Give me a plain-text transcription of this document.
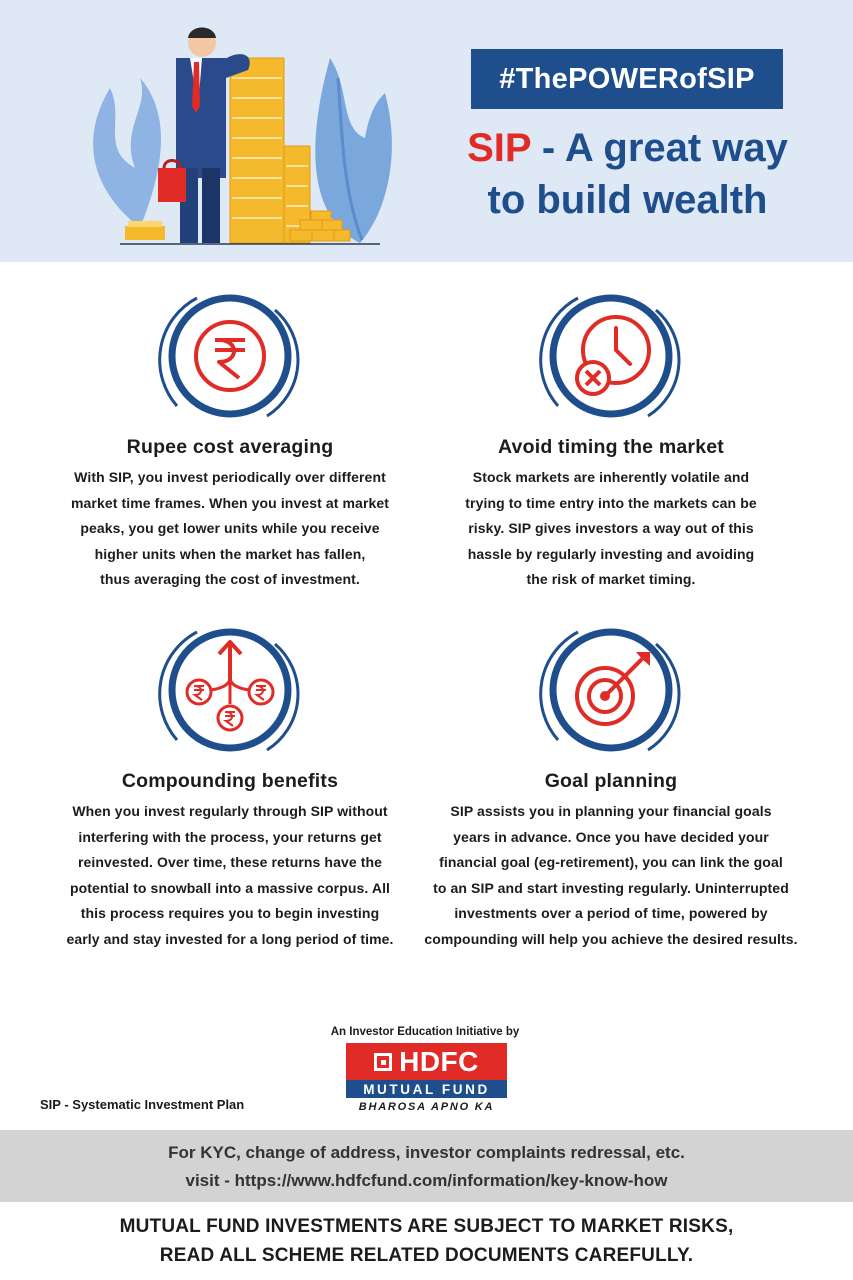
#ThePOWERofSIP
SIP - A great way
to build wealth
Rupee cost averaging

With SIP, you invest periodically over different
market time frames. When you invest at market
peaks, you get lower units while you receive
higher units when the market has fallen,
thus averaging the cost of investment.

Avoid timing the market

Stock markets are inherently volatile and
trying to time entry into the markets can be
risky. SIP gives investors a way out of this
hassle by regularly investing and avoiding
the risk of market timing.

Compounding benefits

When you invest regularly through SIP without
interfering with the process, your returns get
reinvested. Over time, these returns have the
potential to snowball into a massive corpus. All
this process requires you to begin investing
early and stay invested for a long period of time.

Goal planning

SIP assists you in planning your financial goals
years in advance. Once you have decided your
financial goal (eg-retirement), you can link the goal
to an SIP and start investing regularly. Uninterrupted
investments over a period of time, powered by
compounding will help you achieve the desired results.

An Investor Education Initiative by
HDFC
MUTUAL FUND
BHAROSA APNO KA
SIP - Systematic Investment Plan
For KYC, change of address, investor complaints redressal, etc.
visit - https://www.hdfcfund.com/information/key-know-how
MUTUAL FUND INVESTMENTS ARE SUBJECT TO MARKET RISKS,
READ ALL SCHEME RELATED DOCUMENTS CAREFULLY.
